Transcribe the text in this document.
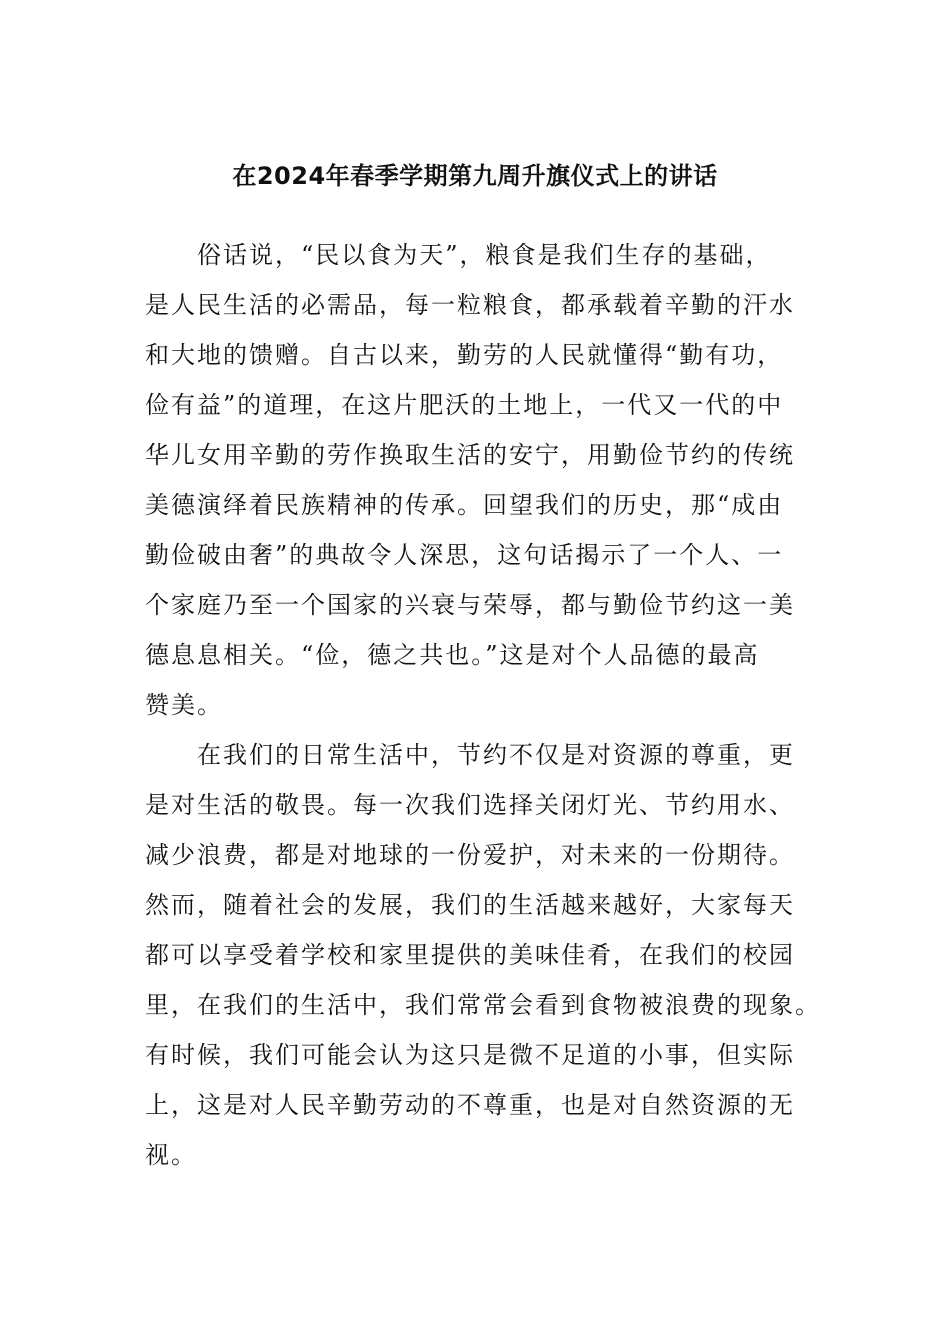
在2024年春季学期第九周升旗仪式上的讲话
俗话说，“民以食为天”，粮食是我们生存的基础，
是人民生活的必需品，每一粒粮食，都承载着辛勤的汗水
和大地的馈赠。自古以来，勤劳的人民就懂得“勤有功，
俭有益”的道理，在这片肥沃的土地上，一代又一代的中
华儿女用辛勤的劳作换取生活的安宁，用勤俭节约的传统
美德演绎着民族精神的传承。回望我们的历史，那“成由
勤俭破由奢”的典故令人深思，这句话揭示了一个人、一
个家庭乃至一个国家的兴衰与荣辱，都与勤俭节约这一美
德息息相关。“俭，德之共也。”这是对个人品德的最高
赞美。
在我们的日常生活中，节约不仅是对资源的尊重，更
是对生活的敬畏。每一次我们选择关闭灯光、节约用水、
减少浪费，都是对地球的一份爱护，对未来的一份期待。
然而，随着社会的发展，我们的生活越来越好，大家每天
都可以享受着学校和家里提供的美味佳肴，在我们的校园
里，在我们的生活中，我们常常会看到食物被浪费的现象。
有时候，我们可能会认为这只是微不足道的小事，但实际
上，这是对人民辛勤劳动的不尊重，也是对自然资源的无
视。
